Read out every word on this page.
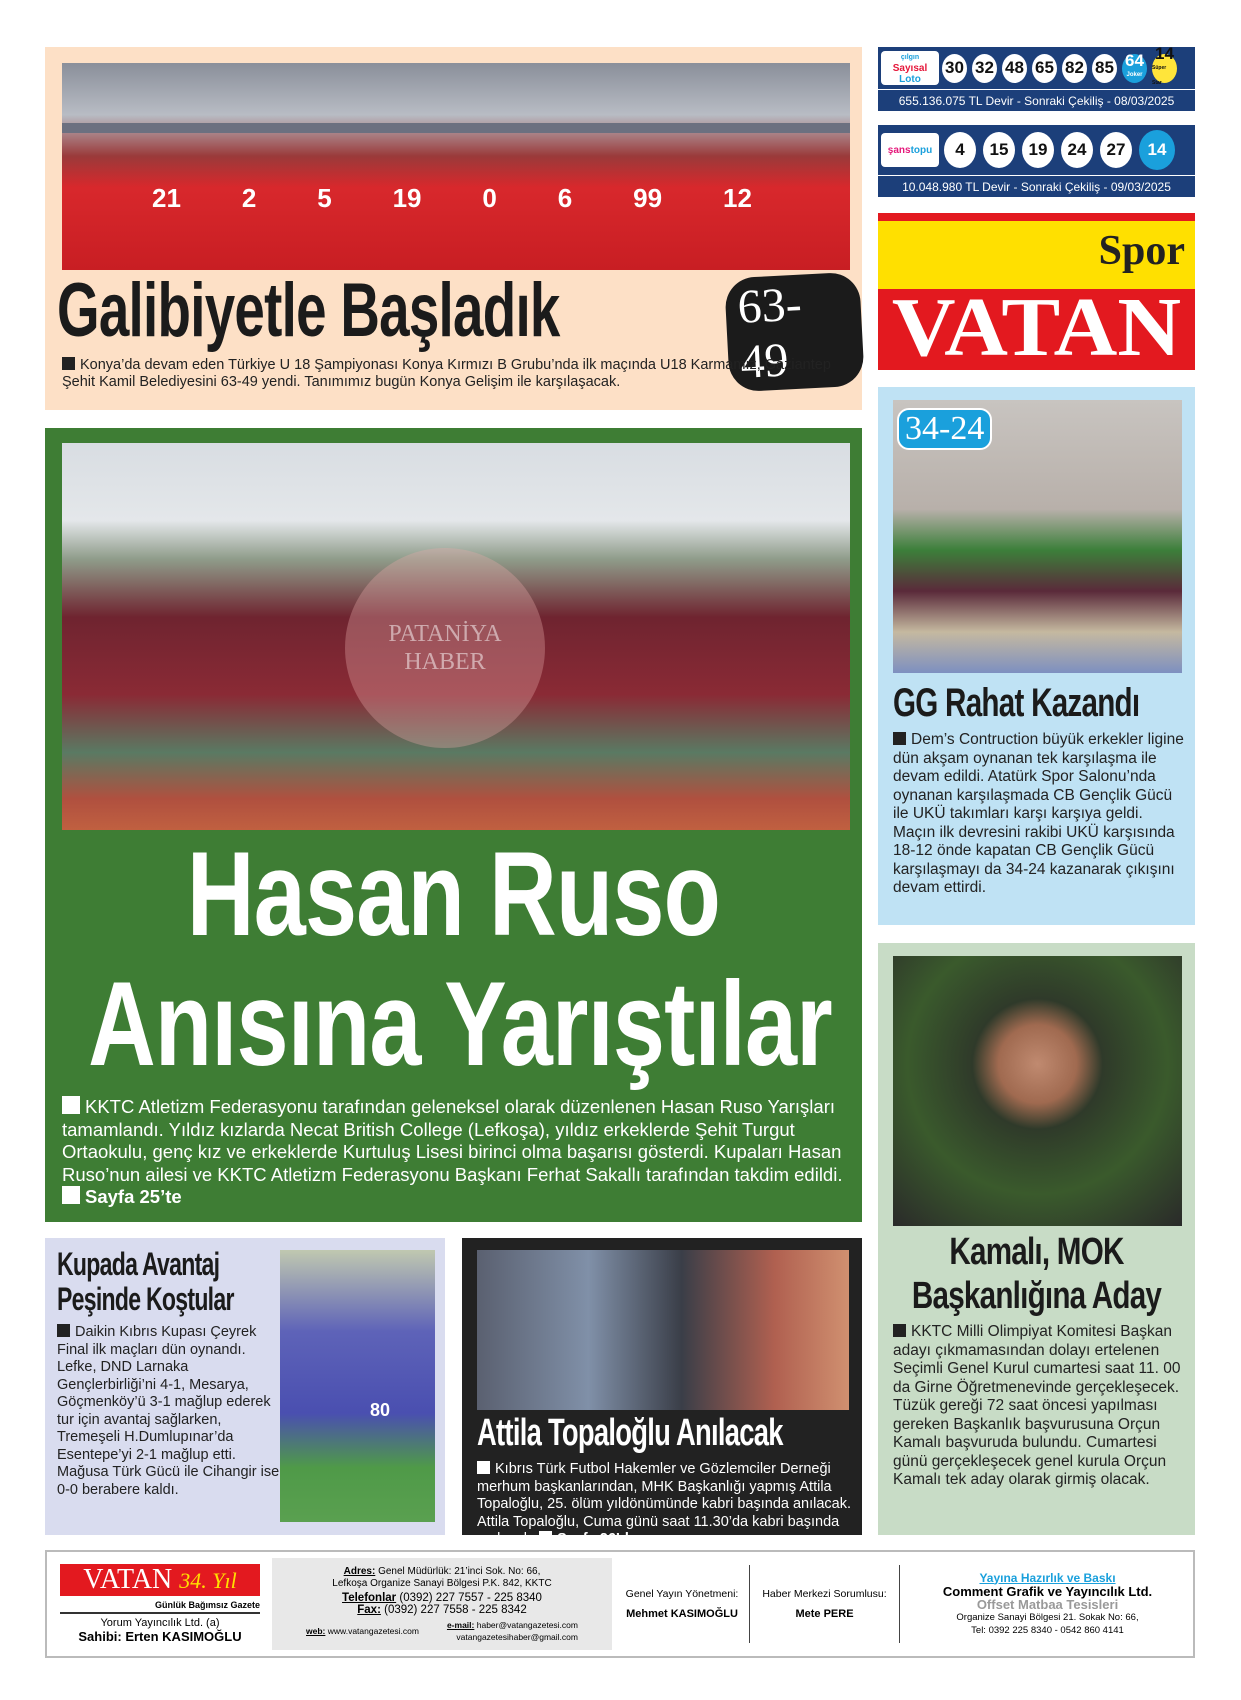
21 2 5 19 0 6 99 12
Galibiyetle Başladık	63-49
Konya’da devam eden Türkiye U 18 Şampiyonası Konya Kırmızı B Grubu’nda ilk maçında U18 Karmamız, Gaziantep Şehit Kamil Belediyesini 63-49 yendi. Tanımımız bugün Konya Gelişim ile karşılaşacak.
çılgın
Sayısal
Loto
30 32 48 65 82 85 64
Joker
14
Süper Star
655.136.075 TL Devir - Sonraki Çekiliş - 08/03/2025
şans topu	4	15	19	24	27	14
10.048.980 TL Devir - Sonraki Çekiliş - 09/03/2025
Spor
VATAN
PATANİYA
HABER
Hasan Ruso
Anısına Yarıştılar
KKTC Atletizm Federasyonu tarafından geleneksel olarak düzenlenen Hasan Ruso Yarışları tamamlandı. Yıldız kızlarda Necat British College (Lefkoşa), yıldız erkeklerde Şehit Turgut Ortaokulu, genç kız ve erkeklerde Kurtuluş Lisesi birinci olma başarısı gösterdi. Kupaları Hasan Ruso’nun ailesi ve KKTC Atletizm Federasyonu Başkanı Ferhat Sakallı tarafından takdim edildi. Sayfa 25’te
34-24
GG Rahat Kazandı
Dem’s Contruction büyük erkekler ligine dün akşam oynanan tek karşılaşma ile devam edildi. Atatürk Spor Salonu’nda oynanan karşılaşmada CB Gençlik Gücü ile UKÜ takımları karşı karşıya geldi. Maçın ilk devresini rakibi UKÜ karşısında 18-12 önde kapatan CB Gençlik Gücü karşılaşmayı da 34-24 kazanarak çıkışını devam ettirdi.
Kamalı, MOK
Başkanlığına Aday
KKTC Milli Olimpiyat Komitesi Başkan adayı çıkmamasından dolayı ertelenen Seçimli Genel Kurul cumartesi saat 11. 00 da Girne Öğretmenevinde gerçekleşecek. Tüzük gereği 72 saat öncesi yapılması gereken Başkanlık başvurusuna Orçun Kamalı başvuruda bulundu. Cumartesi günü gerçekleşecek genel kurula Orçun Kamalı tek aday olarak girmiş olacak.
80
Kupada Avantaj
Peşinde Koştular
Daikin Kıbrıs Kupası Çeyrek Final ilk maçları dün oynandı. Lefke, DND Larnaka Gençlerbirliği’ni 4-1, Mesarya, Göçmenköy’ü 3-1 mağlup ederek tur için avantaj sağlarken, Tremeşeli H.Dumlupınar’da Esentepe’yi 2-1 mağlup etti. Mağusa Türk Gücü ile Cihangir ise 0-0 berabere kaldı.
Attila Topaloğlu Anılacak
Kıbrıs Türk Futbol Hakemler ve Gözlemciler Derneği merhum başkanlarından, MHK Başkanlığı yapmış Attila Topaloğlu, 25. ölüm yıldönümünde kabri başında anılacak. Attila Topaloğlu, Cuma günü saat 11.30’da kabri başında anılacak. Sayfa 26’da
VATAN 34. Yıl
Günlük Bağımsız Gazete
Yorum Yayıncılık Ltd. (a)
Sahibi: Erten KASIMOĞLU
Adres: Genel Müdürlük: 21’inci Sok. No: 66,
Lefkoşa Organize Sanayi Bölgesi P.K. 842, KKTC
Telefonlar (0392) 227 7557 - 225 8340
Fax: (0392) 227 7558 - 225 8342
web: www.vatangazetesi.com
e-mail: haber@vatangazetesi.com
vatangazetesihaber@gmail.com
Genel Yayın Yönetmeni:
Mehmet KASIMOĞLU
Haber Merkezi Sorumlusu:
Mete PERE
Yayına Hazırlık ve Baskı
Comment Grafik ve Yayıncılık Ltd.
Offset Matbaa Tesisleri
Organize Sanayi Bölgesi 21. Sokak No: 66,
Tel: 0392 225 8340 - 0542 860 4141
